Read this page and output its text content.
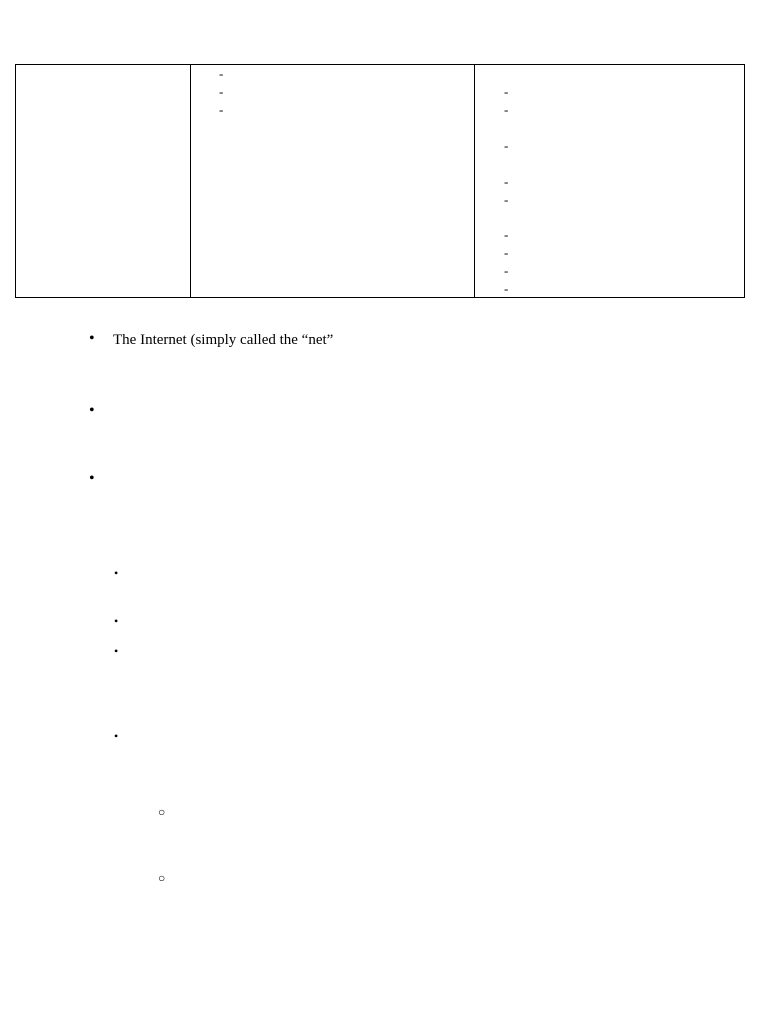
-
-
-
-
-
-
-
-
-
-
-
-
• The Internet (simply called the “net”
•
•
•
•
•
•
○
○
